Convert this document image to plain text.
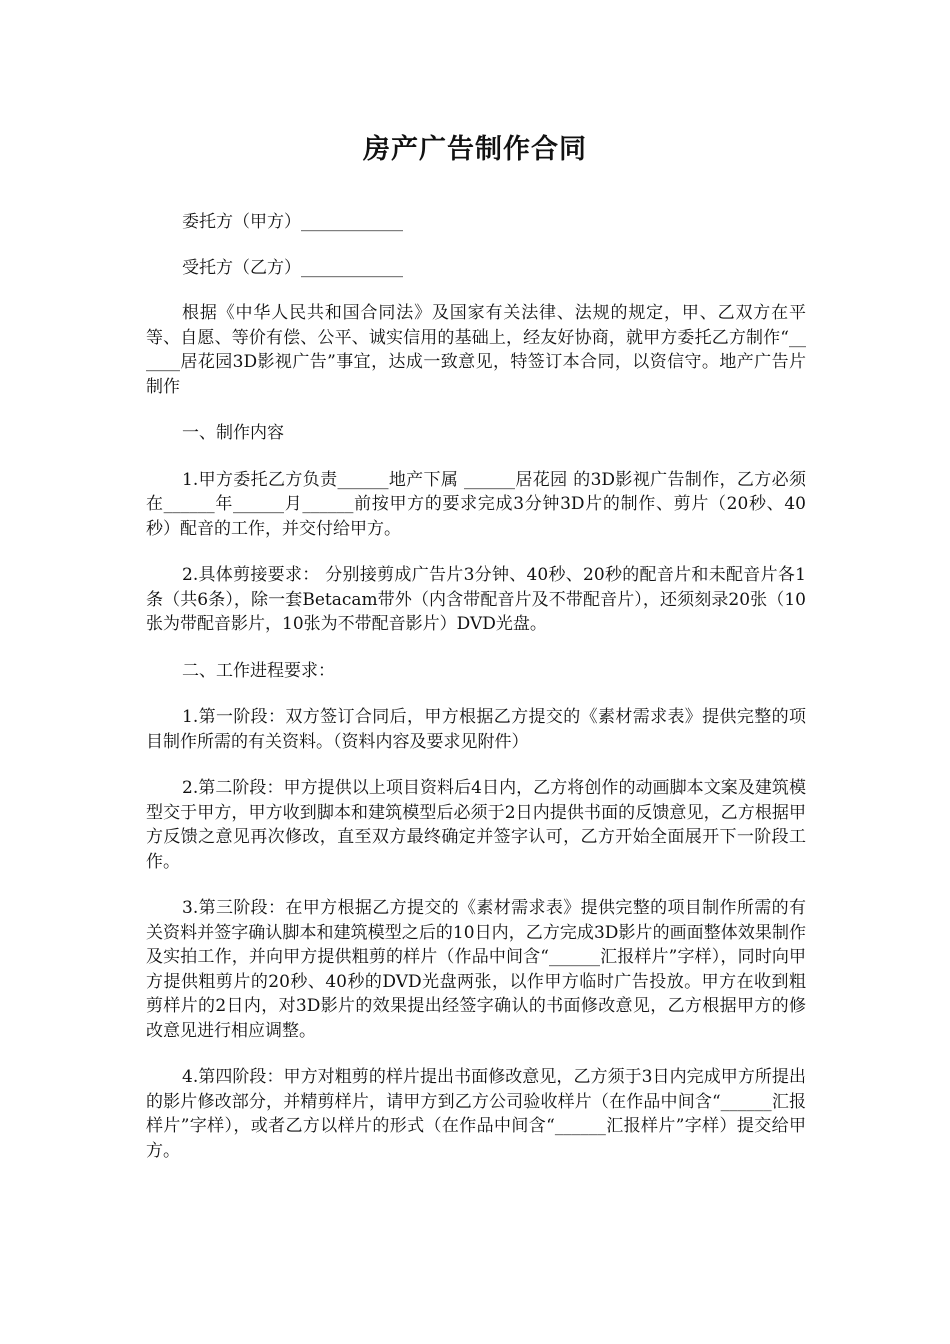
房产广告制作合同

委托方（甲方）____________

受托方（乙方）____________

根据《中华人民共和国合同法》及国家有关法律、法规的规定，甲、乙双方在平等、自愿、等价有偿、公平、诚实信用的基础上，经友好协商，就甲方委托乙方制作“______居花园3D影视广告”事宜，达成一致意见，特签订本合同，以资信守。地产广告片制作

一、制作内容

1.甲方委托乙方负责______地产下属 ______居花园 的3D影视广告制作，乙方必须在______年______月______前按甲方的要求完成3分钟3D片的制作、剪片（20秒、40秒）配音的工作，并交付给甲方。

2.具体剪接要求： 分别接剪成广告片3分钟、40秒、20秒的配音片和未配音片各1条（共6条），除一套Betacam带外（内含带配音片及不带配音片），还须刻录20张（10张为带配音影片，10张为不带配音影片）DVD光盘。

二、工作进程要求：

1.第一阶段：双方签订合同后，甲方根据乙方提交的《素材需求表》提供完整的项目制作所需的有关资料。（资料内容及要求见附件）

2.第二阶段：甲方提供以上项目资料后4日内，乙方将创作的动画脚本文案及建筑模型交于甲方，甲方收到脚本和建筑模型后必须于2日内提供书面的反馈意见，乙方根据甲方反馈之意见再次修改，直至双方最终确定并签字认可，乙方开始全面展开下一阶段工作。

3.第三阶段：在甲方根据乙方提交的《素材需求表》提供完整的项目制作所需的有关资料并签字确认脚本和建筑模型之后的10日内，乙方完成3D影片的画面整体效果制作及实拍工作，并向甲方提供粗剪的样片（作品中间含“______汇报样片”字样），同时向甲方提供粗剪片的20秒、40秒的DVD光盘两张，以作甲方临时广告投放。甲方在收到粗剪样片的2日内，对3D影片的效果提出经签字确认的书面修改意见，乙方根据甲方的修改意见进行相应调整。

4.第四阶段：甲方对粗剪的样片提出书面修改意见，乙方须于3日内完成甲方所提出的影片修改部分，并精剪样片，请甲方到乙方公司验收样片（在作品中间含“______汇报样片”字样），或者乙方以样片的形式（在作品中间含“______汇报样片”字样）提交给甲方。
